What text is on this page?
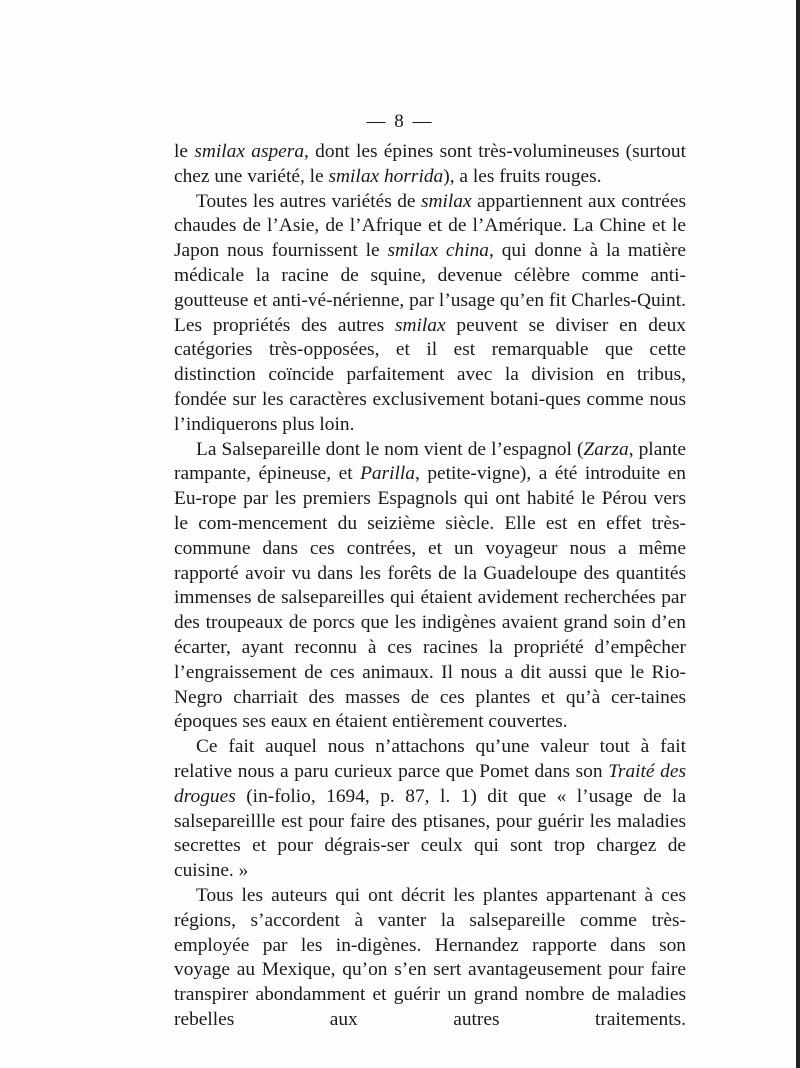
— 8 —

le smilax aspera, dont les épines sont très-volumineuses (surtout chez une variété, le smilax horrida), a les fruits rouges.

Toutes les autres variétés de smilax appartiennent aux contrées chaudes de l’Asie, de l’Afrique et de l’Amérique. La Chine et le Japon nous fournissent le smilax china, qui donne à la matière médicale la racine de squine, devenue célèbre comme anti-goutteuse et anti-vé-nérienne, par l’usage qu’en fit Charles-Quint. Les propriétés des autres smilax peuvent se diviser en deux catégories très-opposées, et il est remarquable que cette distinction coïncide parfaitement avec la division en tribus, fondée sur les caractères exclusivement botani-ques comme nous l’indiquerons plus loin.

La Salsepareille dont le nom vient de l’espagnol (Zarza, plante rampante, épineuse, et Parilla, petite-vigne), a été introduite en Eu-rope par les premiers Espagnols qui ont habité le Pérou vers le com-mencement du seizième siècle. Elle est en effet très-commune dans ces contrées, et un voyageur nous a même rapporté avoir vu dans les forêts de la Guadeloupe des quantités immenses de salsepareilles qui étaient avidement recherchées par des troupeaux de porcs que les indigènes avaient grand soin d’en écarter, ayant reconnu à ces racines la propriété d’empêcher l’engraissement de ces animaux. Il nous a dit aussi que le Rio-Negro charriait des masses de ces plantes et qu’à cer-taines époques ses eaux en étaient entièrement couvertes.

Ce fait auquel nous n’attachons qu’une valeur tout à fait relative nous a paru curieux parce que Pomet dans son Traité des drogues (in-folio, 1694, p. 87, l. 1) dit que « l’usage de la salsepareillle est pour faire des ptisanes, pour guérir les maladies secrettes et pour dégrais-ser ceulx qui sont trop chargez de cuisine. »

Tous les auteurs qui ont décrit les plantes appartenant à ces régions, s’accordent à vanter la salsepareille comme très-employée par les in-digènes. Hernandez rapporte dans son voyage au Mexique, qu’on s’en sert avantageusement pour faire transpirer abondamment et guérir un grand nombre de maladies rebelles aux autres traitements.
